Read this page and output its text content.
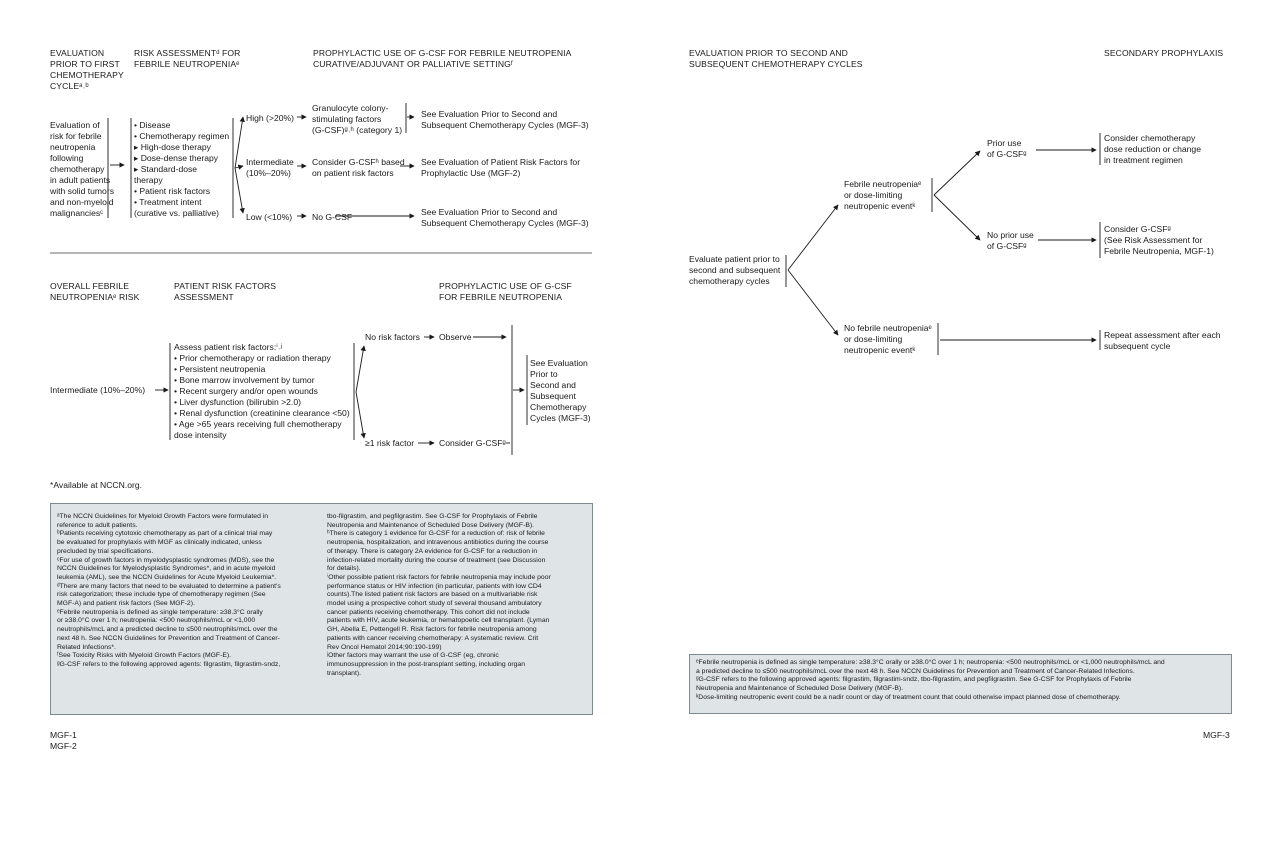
EVALUATION
PRIOR TO FIRST
CHEMOTHERAPY
CYCLEᵃ˒ᵇ
RISK ASSESSMENTᵈ FOR
FEBRILE NEUTROPENIAᵉ
PROPHYLACTIC USE OF G-CSF FOR FEBRILE NEUTROPENIA
CURATIVE/ADJUVANT OR PALLIATIVE SETTINGᶠ
Evaluation of
risk for febrile
neutropenia
following
chemotherapy
in adult patients
with solid tumors
and non-myeloid
malignanciesᶜ
• Disease
• Chemotherapy regimen
▸ High-dose therapy
▸ Dose-dense therapy
▸ Standard-dose
therapy
• Patient risk factors
• Treatment intent
(curative vs. palliative)
High (>20%)
Intermediate
(10%–20%)
Low (<10%)
Granulocyte colony-
stimulating factors
(G-CSF)ᵍ˒ʰ (category 1)
Consider G-CSFʰ based
on patient risk factors
No G-CSF
See Evaluation Prior to Second and
Subsequent Chemotherapy Cycles (MGF-3)
See Evaluation of Patient Risk Factors for
Prophylactic Use (MGF-2)
See Evaluation Prior to Second and
Subsequent Chemotherapy Cycles (MGF-3)
OVERALL FEBRILE
NEUTROPENIAᵉ RISK
PATIENT RISK FACTORS
ASSESSMENT
PROPHYLACTIC USE OF G-CSF
FOR FEBRILE NEUTROPENIA
Intermediate (10%–20%)
Assess patient risk factors:ⁱ˒ʲ
• Prior chemotherapy or radiation therapy
• Persistent neutropenia
• Bone marrow involvement by tumor
• Recent surgery and/or open wounds
• Liver dysfunction (bilirubin >2.0)
• Renal dysfunction (creatinine clearance <50)
• Age >65 years receiving full chemotherapy
dose intensity
No risk factors Observe
≥1 risk factor	Consider G-CSFᵍ
See Evaluation
Prior to
Second and
Subsequent
Chemotherapy
Cycles (MGF-3)
*Available at NCCN.org.
ᵃThe NCCN Guidelines for Myeloid Growth Factors were formulated in
reference to adult patients.
ᵇPatients receiving cytotoxic chemotherapy as part of a clinical trial may
be evaluated for prophylaxis with MGF as clinically indicated, unless
precluded by trial specifications.
ᶜFor use of growth factors in myelodysplastic syndromes (MDS), see the
NCCN Guidelines for Myelodysplastic Syndromes*, and in acute myeloid
leukemia (AML), see the NCCN Guidelines for Acute Myeloid Leukemia*.
ᵈThere are many factors that need to be evaluated to determine a patient's
risk categorization; these include type of chemotherapy regimen (See
MGF-A) and patient risk factors (See MGF-2).
ᵉFebrile neutropenia is defined as single temperature: ≥38.3°C orally
or ≥38.0°C over 1 h; neutropenia: <500 neutrophils/mcL or <1,000
neutrophils/mcL and a predicted decline to ≤500 neutrophils/mcL over the
next 48 h. See NCCN Guidelines for Prevention and Treatment of Cancer-
Related Infections*.
ᶠSee Toxicity Risks with Myeloid Growth Factors (MGF-E).
ᵍG-CSF refers to the following approved agents: filgrastim, filgrastim-sndz,
tbo-filgrastim, and pegfilgrastim. See G-CSF for Prophylaxis of Febrile
Neutropenia and Maintenance of Scheduled Dose Delivery (MGF-B).
ʰThere is category 1 evidence for G-CSF for a reduction of: risk of febrile
neutropenia, hospitalization, and intravenous antibiotics during the course
of therapy. There is category 2A evidence for G-CSF for a reduction in
infection-related mortality during the course of treatment (see Discussion
for details).
ⁱOther possible patient risk factors for febrile neutropenia may include poor
performance status or HIV infection (in particular, patients with low CD4
counts).The listed patient risk factors are based on a multivariable risk
model using a prospective cohort study of several thousand ambulatory
cancer patients receiving chemotherapy. This cohort did not include
patients with HIV, acute leukemia, or hematopoetic cell transplant. (Lyman
GH, Abella E, Pettengell R. Risk factors for febrile neutropenia among
patients with cancer receiving chemotherapy: A systematic review. Crit
Rev Oncol Hematol 2014;90:190-199)
ʲOther factors may warrant the use of G-CSF (eg, chronic
immunosuppression in the post-transplant setting, including organ
transplant).
MGF-1
MGF-2
EVALUATION PRIOR TO SECOND AND
SUBSEQUENT CHEMOTHERAPY CYCLES
SECONDARY PROPHYLAXIS
Evaluate patient prior to
second and subsequent
chemotherapy cycles
Febrile neutropeniaᵉ
or dose-limiting
neutropenic eventᵏ
No febrile neutropeniaᵉ
or dose-limiting
neutropenic eventᵏ
Prior use
of G-CSFᵍ
No prior use
of G-CSFᵍ
Consider chemotherapy
dose reduction or change
in treatment regimen
Consider G-CSFᵍ
(See Risk Assessment for
Febrile Neutropenia, MGF-1)
Repeat assessment after each
subsequent cycle
ᵉFebrile neutropenia is defined as single temperature: ≥38.3°C orally or ≥38.0°C over 1 h; neutropenia: <500 neutrophils/mcL or <1,000 neutrophils/mcL and
a predicted decline to ≤500 neutrophils/mcL over the next 48 h. See NCCN Guidelines for Prevention and Treatment of Cancer-Related Infections.
ᵍG-CSF refers to the following approved agents: filgrastim, filgrastim-sndz, tbo-filgrastim, and pegfilgrastim. See G-CSF for Prophylaxis of Febrile
Neutropenia and Maintenance of Scheduled Dose Delivery (MGF-B).
ᵏDose-limiting neutropenic event could be a nadir count or day of treatment count that could otherwise impact planned dose of chemotherapy.
MGF-3
